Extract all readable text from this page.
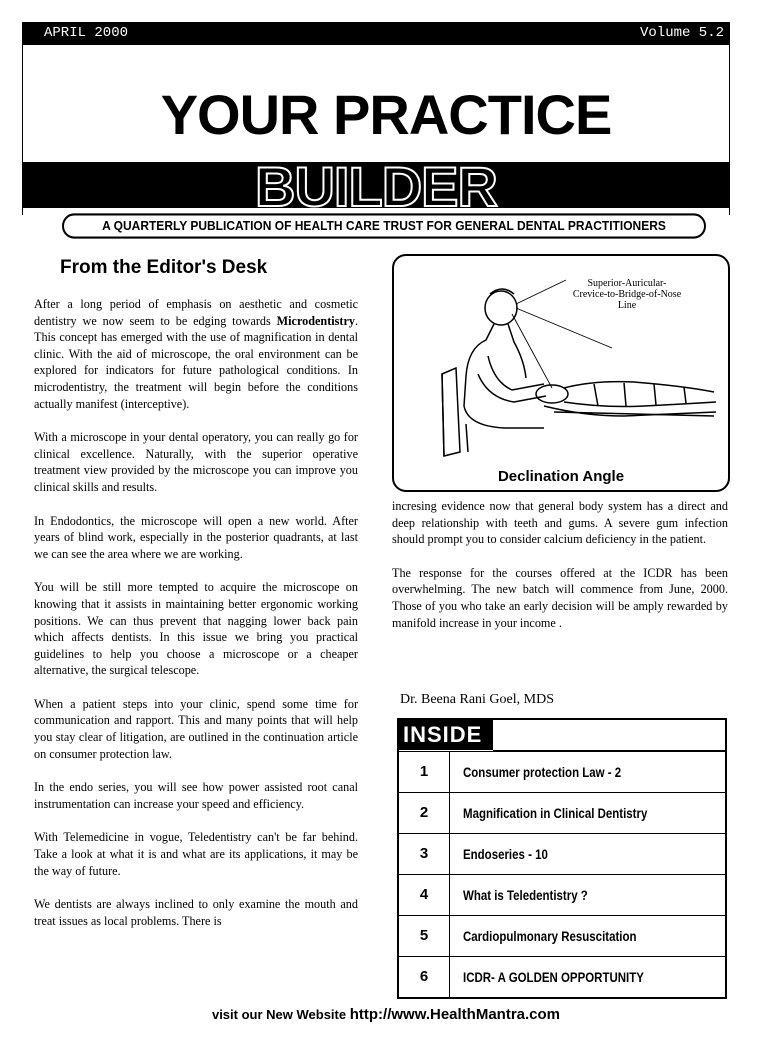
APRIL 2000	Volume 5.2
YOUR PRACTICE
BUILDER
A QUARTERLY PUBLICATION OF HEALTH CARE TRUST FOR GENERAL DENTAL PRACTITIONERS
From the Editor's Desk

After a long period of emphasis on aesthetic and cosmetic dentistry we now seem to be edging towards Microdentistry. This concept has emerged with the use of magnification in dental clinic. With the aid of microscope, the oral environment can be explored for indicators for future pathological conditions. In microdentistry, the treatment will begin before the conditions actually manifest (interceptive).

With a microscope in your dental operatory, you can really go for clinical excellence. Naturally, with the superior operative treatment view provided by the microscope you can improve you clinical skills and results.

In Endodontics, the microscope will open a new world. After years of blind work, especially in the posterior quadrants, at last we can see the area where we are working.

You will be still more tempted to acquire the microscope on knowing that it assists in maintaining better ergonomic working positions. We can thus prevent that nagging lower back pain which affects dentists. In this issue we bring you practical guidelines to help you choose a microscope or a cheaper alternative, the surgical telescope.

When a patient steps into your clinic, spend some time for communication and rapport. This and many points that will help you stay clear of litigation, are outlined in the continuation article on consumer protection law.

In the endo series, you will see how power assisted root canal instrumentation can increase your speed and efficiency.

With Telemedicine in vogue, Teledentistry can't be far behind. Take a look at what it is and what are its applications, it may be the way of future.

We dentists are always inclined to only examine the mouth and treat issues as local problems. There is

Superior-Auricular-
Crevice-to-Bridge-of-Nose
Line
Declination Angle

incresing evidence now that general body system has a direct and deep relationship with teeth and gums. A severe gum infection should prompt you to consider calcium deficiency in the patient.

The response for the courses offered at the ICDR has been overwhelming. The new batch will commence from June, 2000. Those of you who take an early decision will be amply rewarded by manifold increase in your income .

Dr. Beena Rani Goel, MDS
INSIDE
1	Consumer protection Law - 2
2	Magnification in Clinical Dentistry
3	Endoseries - 10
4	What is Teledentistry ?
5	Cardiopulmonary Resuscitation
6	ICDR- A GOLDEN OPPORTUNITY
visit our New Website http://www.HealthMantra.com
